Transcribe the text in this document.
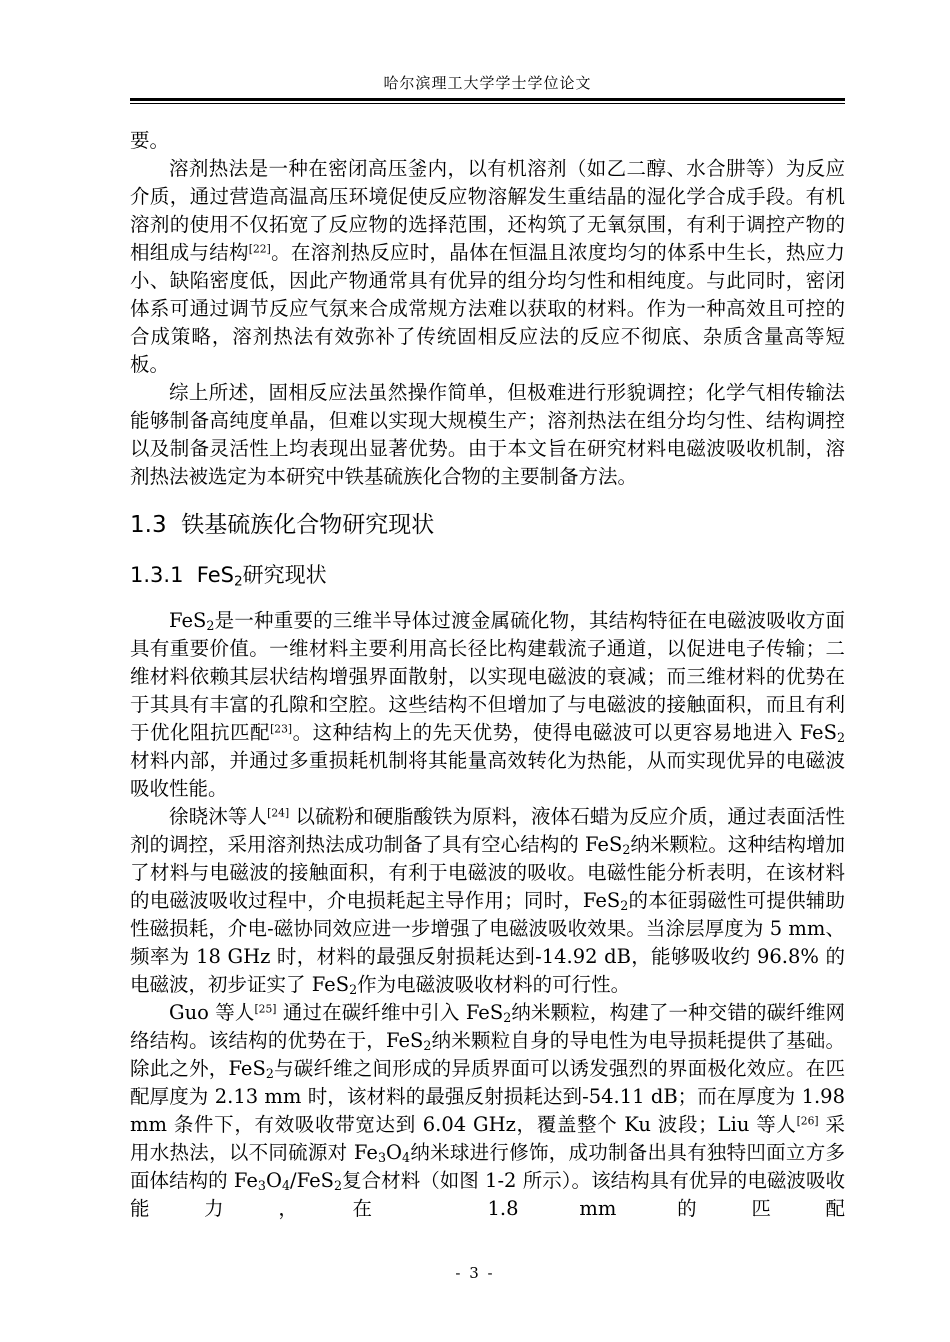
哈尔滨理工大学学士学位论文

要。

溶剂热法是一种在密闭高压釜内，以有机溶剂（如乙二醇、水合肼等）为反应介质，通过营造高温高压环境促使反应物溶解发生重结晶的湿化学合成手段。有机溶剂的使用不仅拓宽了反应物的选择范围，还构筑了无氧氛围，有利于调控产物的相组成与结构[22]。在溶剂热反应时，晶体在恒温且浓度均匀的体系中生长，热应力小、缺陷密度低，因此产物通常具有优异的组分均匀性和相纯度。与此同时，密闭体系可通过调节反应气氛来合成常规方法难以获取的材料。作为一种高效且可控的合成策略，溶剂热法有效弥补了传统固相反应法的反应不彻底、杂质含量高等短板。

综上所述，固相反应法虽然操作简单，但极难进行形貌调控；化学气相传输法能够制备高纯度单晶，但难以实现大规模生产；溶剂热法在组分均匀性、结构调控以及制备灵活性上均表现出显著优势。由于本文旨在研究材料电磁波吸收机制，溶剂热法被选定为本研究中铁基硫族化合物的主要制备方法。

1.3 铁基硫族化合物研究现状
1.3.1 FeS$_2$研究现状

FeS$_2$是一种重要的三维半导体过渡金属硫化物，其结构特征在电磁波吸收方面具有重要价值。一维材料主要利用高长径比构建载流子通道，以促进电子传输；二维材料依赖其层状结构增强界面散射，以实现电磁波的衰减；而三维材料的优势在于其具有丰富的孔隙和空腔。这些结构不但增加了与电磁波的接触面积，而且有利于优化阻抗匹配[23]。这种结构上的先天优势，使得电磁波可以更容易地进入 FeS$_2$材料内部，并通过多重损耗机制将其能量高效转化为热能，从而实现优异的电磁波吸收性能。

徐晓沐等人[24] 以硫粉和硬脂酸铁为原料，液体石蜡为反应介质，通过表面活性剂的调控，采用溶剂热法成功制备了具有空心结构的 FeS$_2$纳米颗粒。这种结构增加了材料与电磁波的接触面积，有利于电磁波的吸收。电磁性能分析表明，在该材料的电磁波吸收过程中，介电损耗起主导作用；同时，FeS$_2$的本征弱磁性可提供辅助性磁损耗，介电-磁协同效应进一步增强了电磁波吸收效果。当涂层厚度为 5 mm、频率为 18 GHz 时，材料的最强反射损耗达到-14.92 dB，能够吸收约 96.8% 的电磁波，初步证实了 FeS$_2$作为电磁波吸收材料的可行性。

Guo 等人[25] 通过在碳纤维中引入 FeS$_2$纳米颗粒，构建了一种交错的碳纤维网络结构。该结构的优势在于，FeS$_2$纳米颗粒自身的导电性为电导损耗提供了基础。除此之外，FeS$_2$与碳纤维之间形成的异质界面可以诱发强烈的界面极化效应。在匹配厚度为 2.13 mm 时，该材料的最强反射损耗达到-54.11 dB；而在厚度为 1.98 mm 条件下，有效吸收带宽达到 6.04 GHz，覆盖整个 Ku 波段；Liu 等人[26] 采用水热法，以不同硫源对 $Fe_3O_4$纳米球进行修饰，成功制备出具有独特凹面立方多面体结构的 $Fe_3O_4/FeS_2$复合材料（如图 1-2 所示）。该结构具有优异的电磁波吸收能力，在 1.8 mm 的匹配

- 3 -
